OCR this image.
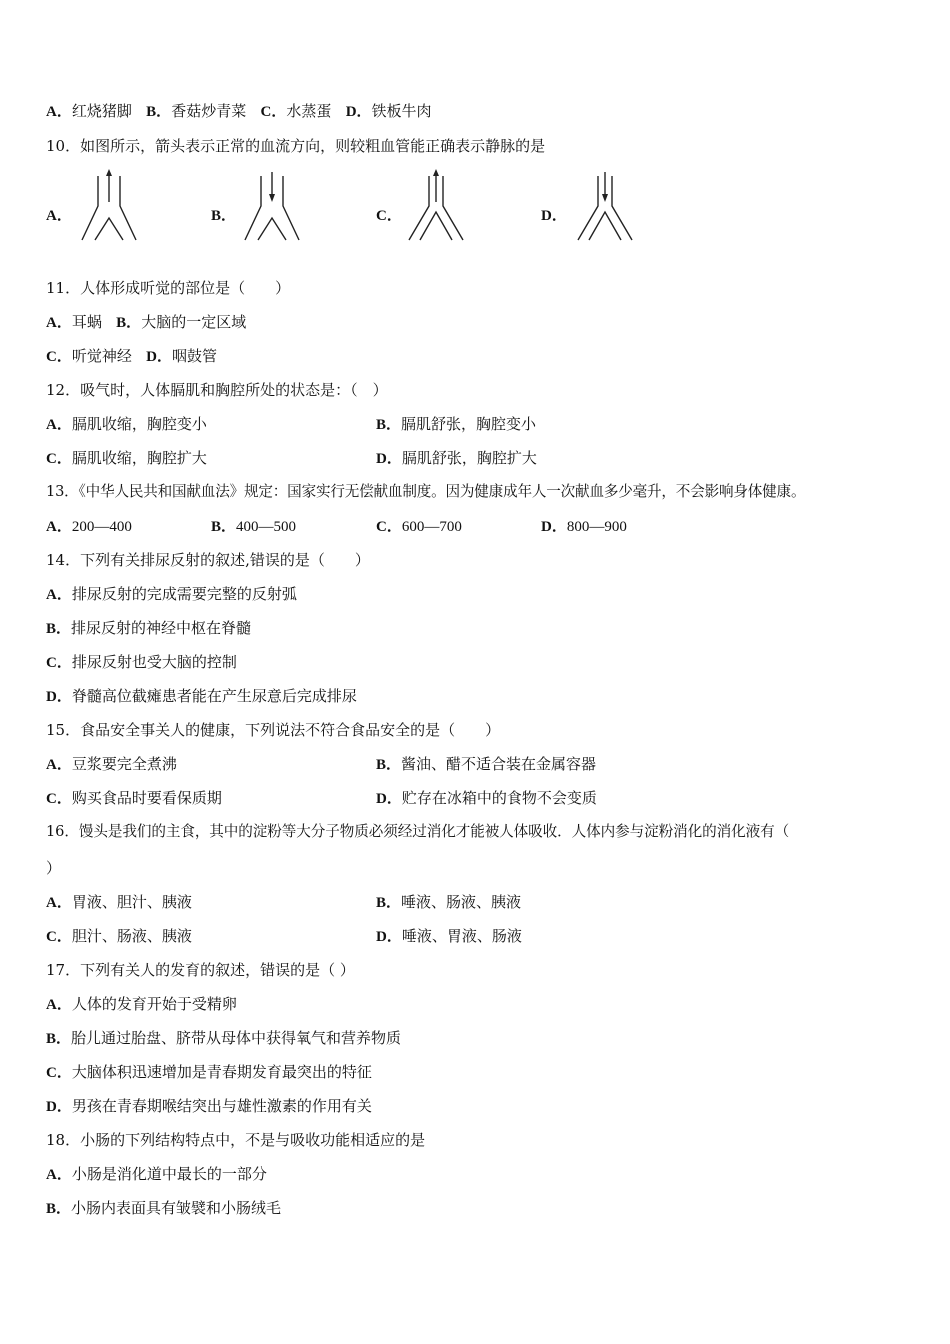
A．红烧猪脚 B．香菇炒青菜 C．水蒸蛋 D．铁板牛肉
10．如图所示，箭头表示正常的血流方向，则较粗血管能正确表示静脉的是
A．	B．	C．	D．
11．人体形成听觉的部位是（　　）
A．耳蜗 B．大脑的一定区域
C．听觉神经 D．咽鼓管
12．吸气时，人体膈肌和胸腔所处的状态是：（　）
A．膈肌收缩，胸腔变小	B．膈肌舒张，胸腔变小
C．膈肌收缩，胸腔扩大	D．膈肌舒张，胸腔扩大
13．《中华人民共和国献血法》规定：国家实行无偿献血制度。因为健康成年人一次献血多少毫升，不会影响身体健康。
A．200—400	B．400—500	C．600—700	D．800—900
14．下列有关排尿反射的叙述,错误的是（　　）
A．排尿反射的完成需要完整的反射弧
B．排尿反射的神经中枢在脊髓
C．排尿反射也受大脑的控制
D．脊髓高位截瘫患者能在产生尿意后完成排尿
15．食品安全事关人的健康，下列说法不符合食品安全的是（　　）
A．豆浆要完全煮沸	B．酱油、醋不适合装在金属容器
C．购买食品时要看保质期	D．贮存在冰箱中的食物不会变质
16．馒头是我们的主食，其中的淀粉等大分子物质必须经过消化才能被人体吸收．人体内参与淀粉消化的消化液有（
）
A．胃液、胆汁、胰液	B．唾液、肠液、胰液
C．胆汁、肠液、胰液	D．唾液、胃液、肠液
17．下列有关人的发育的叙述，错误的是（ ）
A．人体的发育开始于受精卵
B．胎儿通过胎盘、脐带从母体中获得氧气和营养物质
C．大脑体积迅速增加是青春期发育最突出的特征
D．男孩在青春期喉结突出与雄性激素的作用有关
18．小肠的下列结构特点中，不是与吸收功能相适应的是
A．小肠是消化道中最长的一部分
B．小肠内表面具有皱襞和小肠绒毛
